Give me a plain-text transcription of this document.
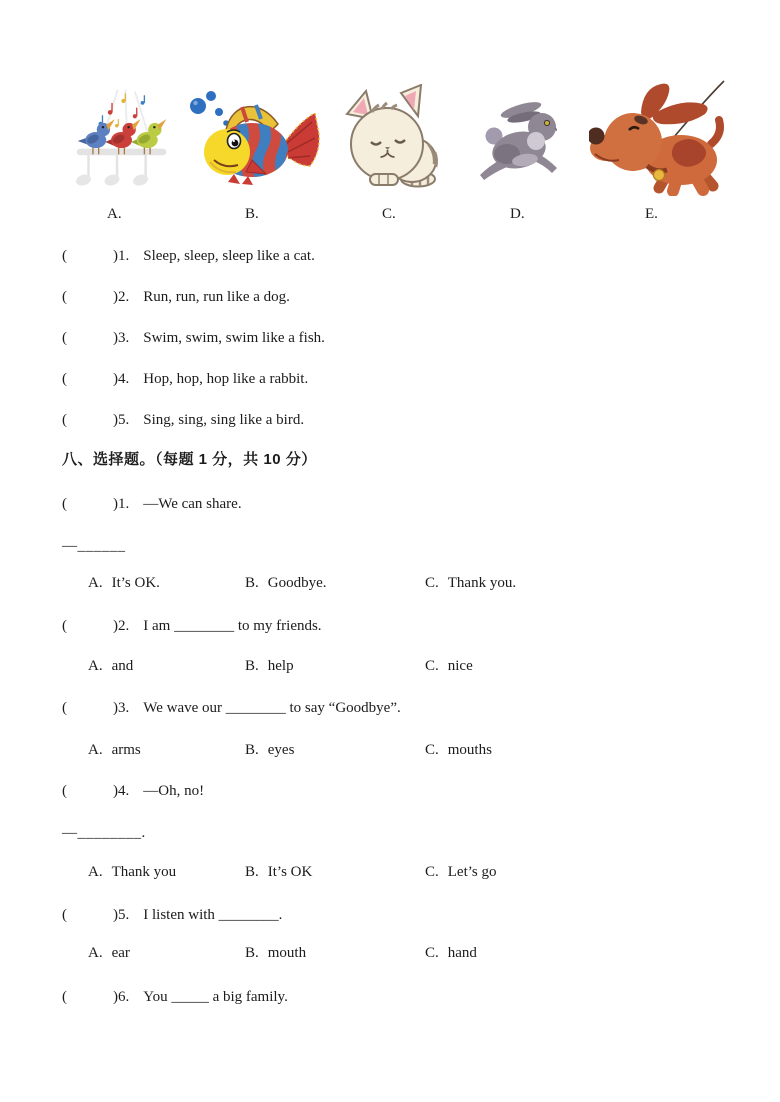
A.	B.	C.	D.	E.
(	)1. Sleep, sleep, sleep like a cat.
(	)2. Run, run, run like a dog.
(	)3. Swim, swim, swim like a fish.
(	)4. Hop, hop, hop like a rabbit.
(	)5. Sing, sing, sing like a bird.
八、选择题。（每题 1 分，共 10 分）
(	)1. —We can share.
—______
A. It’s OK.	B. Goodbye.	C. Thank you.
(	)2. I am ________ to my friends.
A. and	B. help	C. nice
(	)3. We wave our ________ to say “Goodbye”.
A. arms	B. eyes	C. mouths
(	)4. —Oh, no!
—________.
A. Thank you	B. It’s OK	C. Let’s go
(	)5. I listen with ________.
A. ear	B. mouth	C. hand
(	)6. You _____ a big family.
